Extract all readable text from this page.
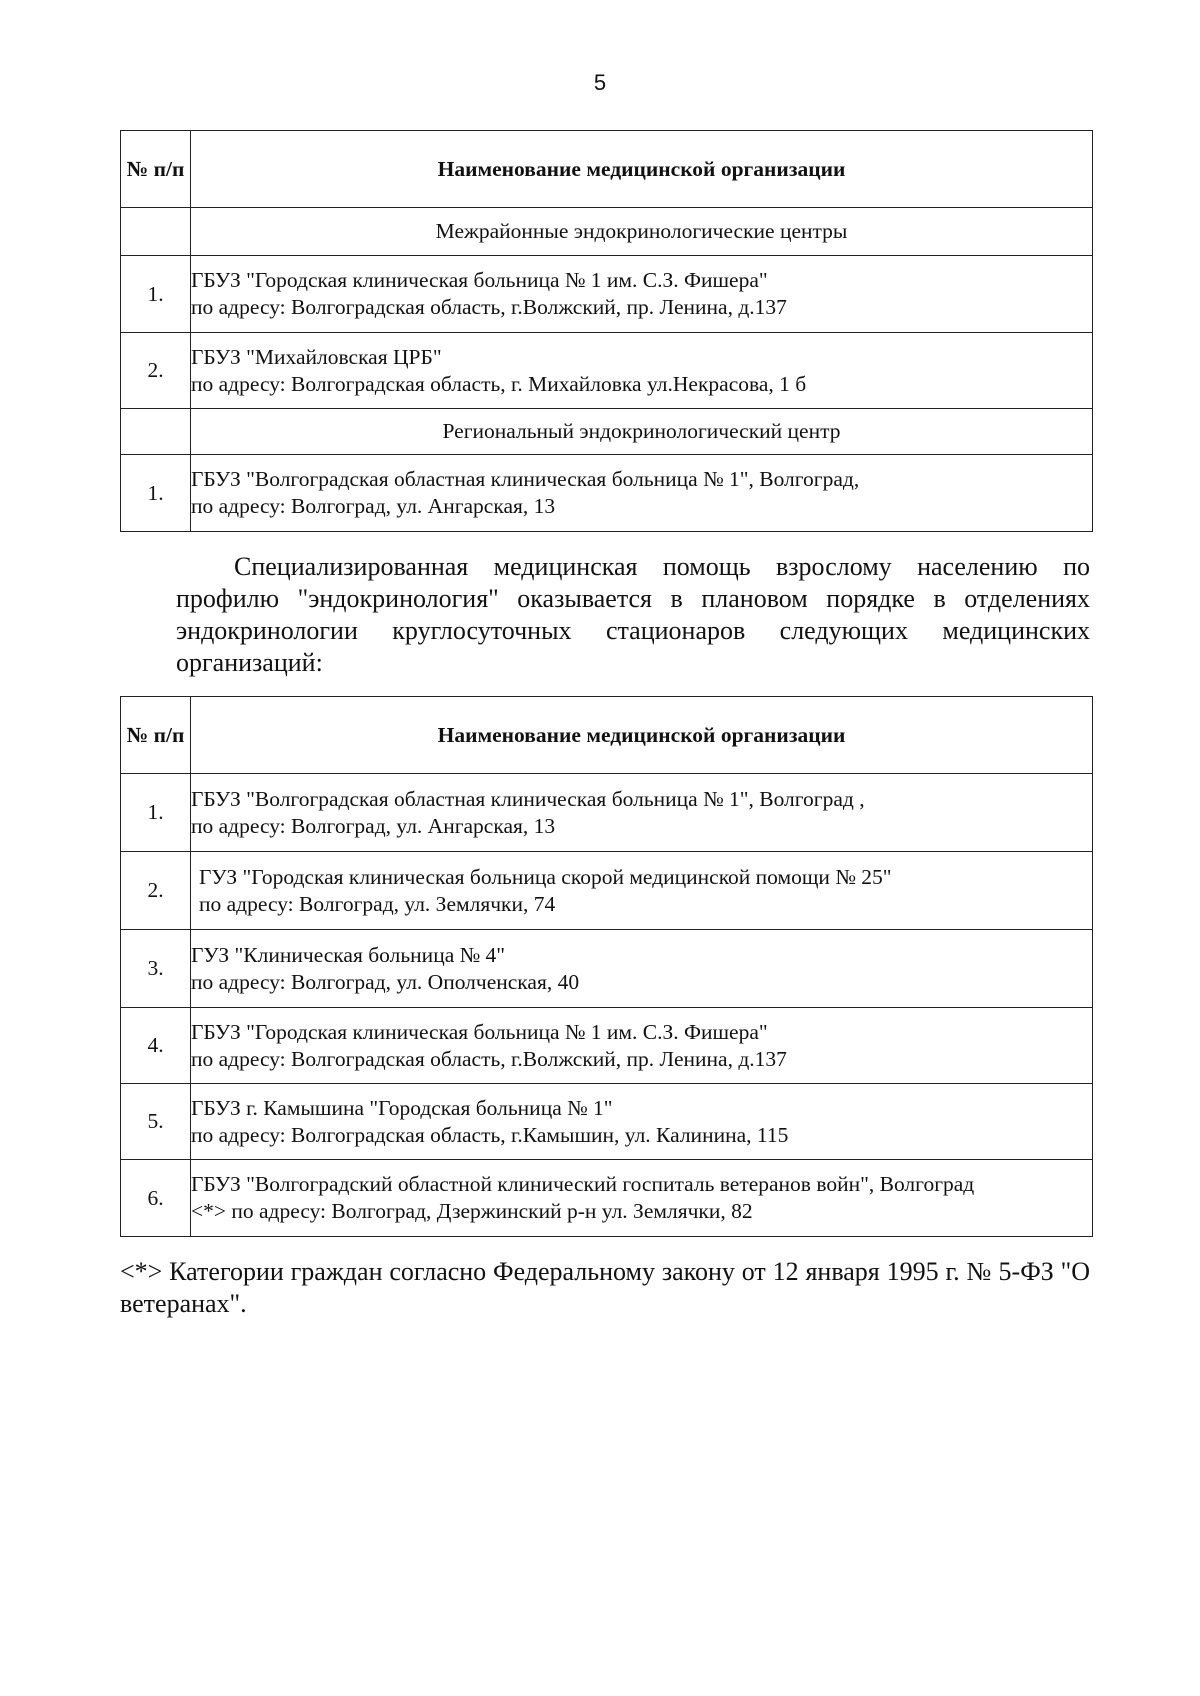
5
№ п/п	Наименование медицинской организации
	Межрайонные эндокринологические центры
1.	ГБУЗ "Городская клиническая больница № 1 им. С.З. Фишера"
по адресу: Волгоградская область, г.Волжский, пр. Ленина, д.137

2.	ГБУЗ "Михайловская ЦРБ"
по адресу: Волгоградская область, г. Михайловка ул.Некрасова, 1 б

	Региональный эндокринологический центр
1.	ГБУЗ "Волгоградская областная клиническая больница № 1", Волгоград,
по адресу: Волгоград, ул. Ангарская, 13
Специализированная медицинская помощь взрослому населению по профилю "эндокринология" оказывается в плановом порядке в отделениях эндокринологии круглосуточных стационаров следующих медицинских организаций:
№ п/п	Наименование медицинской организации
1.	ГБУЗ "Волгоградская областная клиническая больница № 1", Волгоград ,
по адресу: Волгоград, ул. Ангарская, 13

2.	ГУЗ "Городская клиническая больница скорой медицинской помощи № 25"
по адресу: Волгоград, ул. Землячки, 74

3.	ГУЗ "Клиническая больница № 4"
по адресу: Волгоград, ул. Ополченская, 40

4.	ГБУЗ "Городская клиническая больница № 1 им. С.З. Фишера"
по адресу: Волгоградская область, г.Волжский, пр. Ленина, д.137

5.	ГБУЗ г. Камышина "Городская больница № 1"
по адресу: Волгоградская область, г.Камышин, ул. Калинина, 115

6.	ГБУЗ "Волгоградский областной клинический госпиталь ветеранов войн", Волгоград
<*> по адресу: Волгоград, Дзержинский р-н ул. Землячки, 82
<*> Категории граждан согласно Федеральному закону от 12 января 1995 г. № 5-ФЗ "О ветеранах".
